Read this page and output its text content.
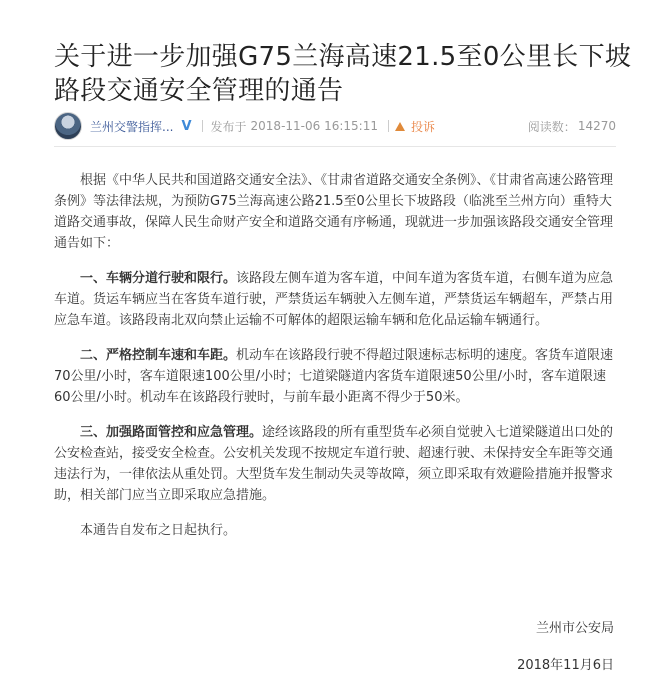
关于进一步加强G75兰海高速21.5至0公里长下坡路段交通安全管理的通告
兰州交警指挥... V 发布于 2018-11-06 16:15:11	投诉	阅读数： 14270

根据《中华人民共和国道路交通安全法》、《甘肃省道路交通安全条例》、《甘肃省高速公路管理条例》等法律法规，为预防G75兰海高速公路21.5至0公里长下坡路段（临洮至兰州方向）重特大道路交通事故，保障人民生命财产安全和道路交通有序畅通，现就进一步加强该路段交通安全管理通告如下：

一、车辆分道行驶和限行。该路段左侧车道为客车道，中间车道为客货车道，右侧车道为应急车道。货运车辆应当在客货车道行驶，严禁货运车辆驶入左侧车道，严禁货运车辆超车，严禁占用应急车道。该路段南北双向禁止运输不可解体的超限运输车辆和危化品运输车辆通行。

二、严格控制车速和车距。机动车在该路段行驶不得超过限速标志标明的速度。客货车道限速70公里/小时，客车道限速100公里/小时；七道梁隧道内客货车道限速50公里/小时，客车道限速60公里/小时。机动车在该路段行驶时，与前车最小距离不得少于50米。

三、加强路面管控和应急管理。途经该路段的所有重型货车必须自觉驶入七道梁隧道出口处的公安检查站，接受安全检查。公安机关发现不按规定车道行驶、超速行驶、未保持安全车距等交通违法行为，一律依法从重处罚。大型货车发生制动失灵等故障，须立即采取有效避险措施并报警求助，相关部门应当立即采取应急措施。

本通告自发布之日起执行。

兰州市公安局
2018年11月6日
